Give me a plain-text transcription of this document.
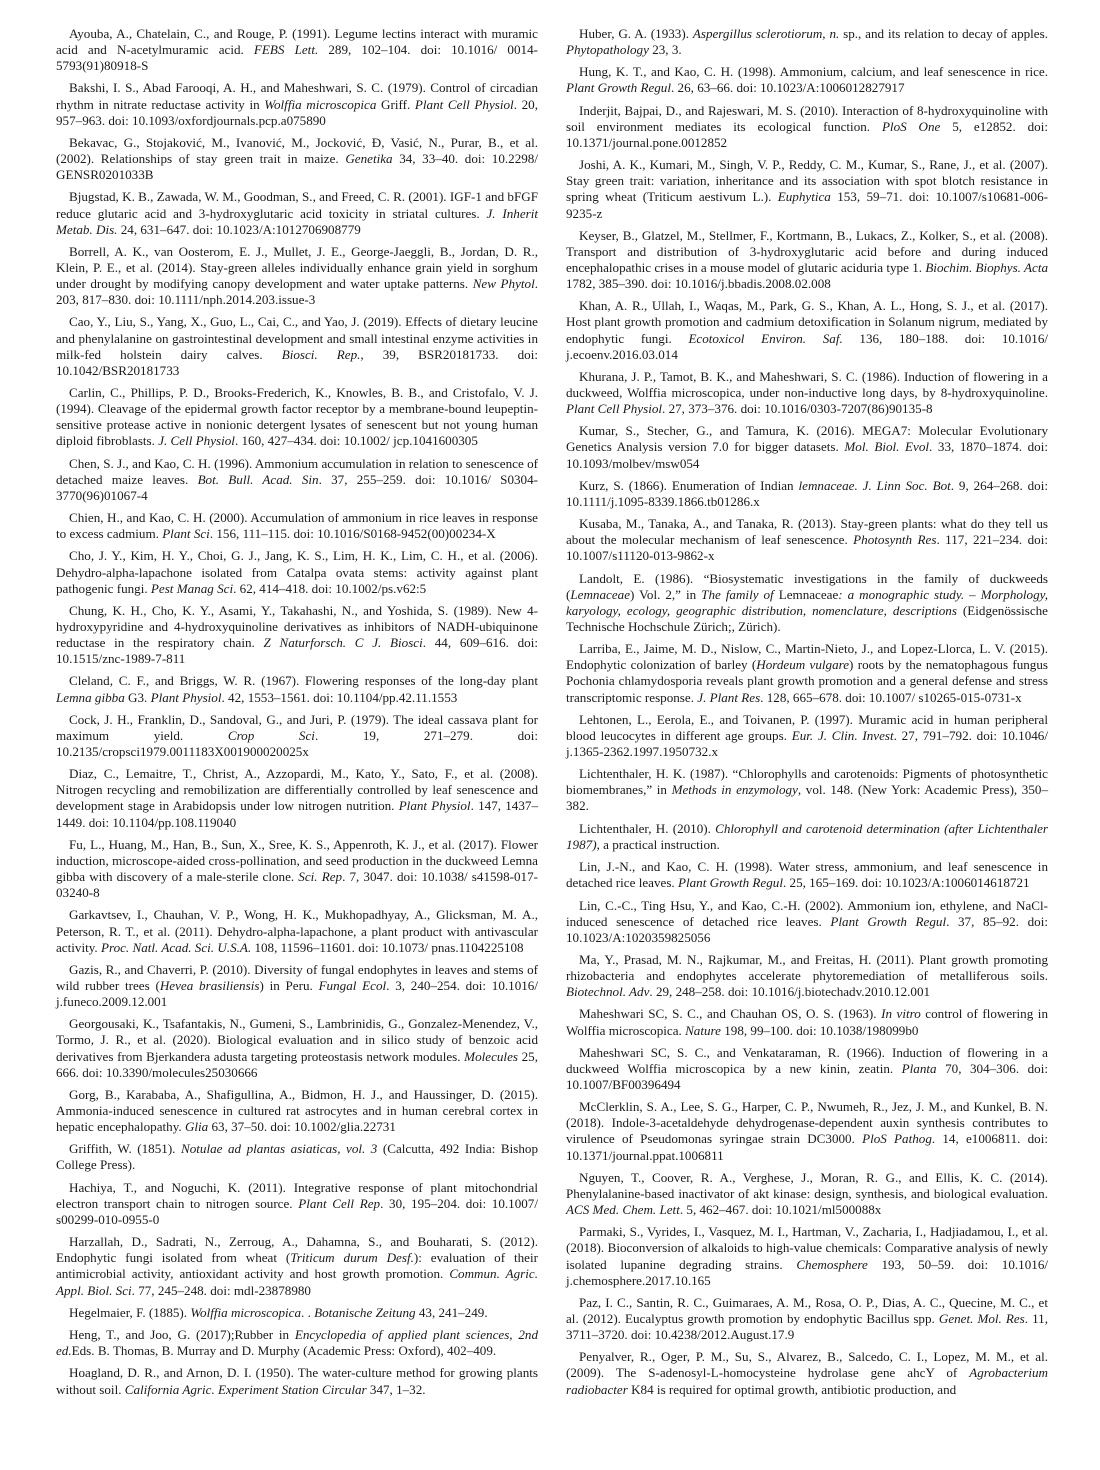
Ayouba, A., Chatelain, C., and Rouge, P. (1991). Legume lectins interact with muramic acid and N-acetylmuramic acid. FEBS Lett. 289, 102–104. doi: 10.1016/ 0014-5793(91)80918-S

Bakshi, I. S., Abad Farooqi, A. H., and Maheshwari, S. C. (1979). Control of circadian rhythm in nitrate reductase activity in Wolffia microscopica Griff. Plant Cell Physiol. 20, 957–963. doi: 10.1093/oxfordjournals.pcp.a075890

Bekavac, G., Stojaković, M., Ivanović, M., Jocković, Đ, Vasić, N., Purar, B., et al. (2002). Relationships of stay green trait in maize. Genetika 34, 33–40. doi: 10.2298/ GENSR0201033B

Bjugstad, K. B., Zawada, W. M., Goodman, S., and Freed, C. R. (2001). IGF-1 and bFGF reduce glutaric acid and 3-hydroxyglutaric acid toxicity in striatal cultures. J. Inherit Metab. Dis. 24, 631–647. doi: 10.1023/A:1012706908779

Borrell, A. K., van Oosterom, E. J., Mullet, J. E., George-Jaeggli, B., Jordan, D. R., Klein, P. E., et al. (2014). Stay-green alleles individually enhance grain yield in sorghum under drought by modifying canopy development and water uptake patterns. New Phytol. 203, 817–830. doi: 10.1111/nph.2014.203.issue-3

Cao, Y., Liu, S., Yang, X., Guo, L., Cai, C., and Yao, J. (2019). Effects of dietary leucine and phenylalanine on gastrointestinal development and small intestinal enzyme activities in milk-fed holstein dairy calves. Biosci. Rep., 39, BSR20181733. doi: 10.1042/BSR20181733

Carlin, C., Phillips, P. D., Brooks-Frederich, K., Knowles, B. B., and Cristofalo, V. J. (1994). Cleavage of the epidermal growth factor receptor by a membrane-bound leupeptin-sensitive protease active in nonionic detergent lysates of senescent but not young human diploid fibroblasts. J. Cell Physiol. 160, 427–434. doi: 10.1002/ jcp.1041600305

Chen, S. J., and Kao, C. H. (1996). Ammonium accumulation in relation to senescence of detached maize leaves. Bot. Bull. Acad. Sin. 37, 255–259. doi: 10.1016/ S0304-3770(96)01067-4

Chien, H., and Kao, C. H. (2000). Accumulation of ammonium in rice leaves in response to excess cadmium. Plant Sci. 156, 111–115. doi: 10.1016/S0168-9452(00)00234-X

Cho, J. Y., Kim, H. Y., Choi, G. J., Jang, K. S., Lim, H. K., Lim, C. H., et al. (2006). Dehydro-alpha-lapachone isolated from Catalpa ovata stems: activity against plant pathogenic fungi. Pest Manag Sci. 62, 414–418. doi: 10.1002/ps.v62:5

Chung, K. H., Cho, K. Y., Asami, Y., Takahashi, N., and Yoshida, S. (1989). New 4-hydroxypyridine and 4-hydroxyquinoline derivatives as inhibitors of NADH-ubiquinone reductase in the respiratory chain. Z Naturforsch. C J. Biosci. 44, 609–616. doi: 10.1515/znc-1989-7-811

Cleland, C. F., and Briggs, W. R. (1967). Flowering responses of the long-day plant Lemna gibba G3. Plant Physiol. 42, 1553–1561. doi: 10.1104/pp.42.11.1553

Cock, J. H., Franklin, D., Sandoval, G., and Juri, P. (1979). The ideal cassava plant for maximum yield. Crop Sci. 19, 271–279. doi: 10.2135/cropsci1979.0011183X001900020025x

Diaz, C., Lemaitre, T., Christ, A., Azzopardi, M., Kato, Y., Sato, F., et al. (2008). Nitrogen recycling and remobilization are differentially controlled by leaf senescence and development stage in Arabidopsis under low nitrogen nutrition. Plant Physiol. 147, 1437–1449. doi: 10.1104/pp.108.119040

Fu, L., Huang, M., Han, B., Sun, X., Sree, K. S., Appenroth, K. J., et al. (2017). Flower induction, microscope-aided cross-pollination, and seed production in the duckweed Lemna gibba with discovery of a male-sterile clone. Sci. Rep. 7, 3047. doi: 10.1038/ s41598-017-03240-8

Garkavtsev, I., Chauhan, V. P., Wong, H. K., Mukhopadhyay, A., Glicksman, M. A., Peterson, R. T., et al. (2011). Dehydro-alpha-lapachone, a plant product with antivascular activity. Proc. Natl. Acad. Sci. U.S.A. 108, 11596–11601. doi: 10.1073/ pnas.1104225108

Gazis, R., and Chaverri, P. (2010). Diversity of fungal endophytes in leaves and stems of wild rubber trees (Hevea brasiliensis) in Peru. Fungal Ecol. 3, 240–254. doi: 10.1016/ j.funeco.2009.12.001

Georgousaki, K., Tsafantakis, N., Gumeni, S., Lambrinidis, G., Gonzalez-Menendez, V., Tormo, J. R., et al. (2020). Biological evaluation and in silico study of benzoic acid derivatives from Bjerkandera adusta targeting proteostasis network modules. Molecules 25, 666. doi: 10.3390/molecules25030666

Gorg, B., Karababa, A., Shafigullina, A., Bidmon, H. J., and Haussinger, D. (2015). Ammonia-induced senescence in cultured rat astrocytes and in human cerebral cortex in hepatic encephalopathy. Glia 63, 37–50. doi: 10.1002/glia.22731

Griffith, W. (1851). Notulae ad plantas asiaticas, vol. 3 (Calcutta, 492 India: Bishop College Press).

Hachiya, T., and Noguchi, K. (2011). Integrative response of plant mitochondrial electron transport chain to nitrogen source. Plant Cell Rep. 30, 195–204. doi: 10.1007/ s00299-010-0955-0

Harzallah, D., Sadrati, N., Zerroug, A., Dahamna, S., and Bouharati, S. (2012). Endophytic fungi isolated from wheat (Triticum durum Desf.): evaluation of their antimicrobial activity, antioxidant activity and host growth promotion. Commun. Agric. Appl. Biol. Sci. 77, 245–248. doi: mdl-23878980

Hegelmaier, F. (1885). Wolffia microscopica. . Botanische Zeitung 43, 241–249.

Heng, T., and Joo, G. (2017);Rubber in Encyclopedia of applied plant sciences, 2nd ed.Eds. B. Thomas, B. Murray and D. Murphy (Academic Press: Oxford), 402–409.

Hoagland, D. R., and Arnon, D. I. (1950). The water-culture method for growing plants without soil. California Agric. Experiment Station Circular 347, 1–32.

Huber, G. A. (1933). Aspergillus sclerotiorum, n. sp., and its relation to decay of apples. Phytopathology 23, 3.

Hung, K. T., and Kao, C. H. (1998). Ammonium, calcium, and leaf senescence in rice. Plant Growth Regul. 26, 63–66. doi: 10.1023/A:1006012827917

Inderjit, Bajpai, D., and Rajeswari, M. S. (2010). Interaction of 8-hydroxyquinoline with soil environment mediates its ecological function. PloS One 5, e12852. doi: 10.1371/journal.pone.0012852

Joshi, A. K., Kumari, M., Singh, V. P., Reddy, C. M., Kumar, S., Rane, J., et al. (2007). Stay green trait: variation, inheritance and its association with spot blotch resistance in spring wheat (Triticum aestivum L.). Euphytica 153, 59–71. doi: 10.1007/s10681-006-9235-z

Keyser, B., Glatzel, M., Stellmer, F., Kortmann, B., Lukacs, Z., Kolker, S., et al. (2008). Transport and distribution of 3-hydroxyglutaric acid before and during induced encephalopathic crises in a mouse model of glutaric aciduria type 1. Biochim. Biophys. Acta 1782, 385–390. doi: 10.1016/j.bbadis.2008.02.008

Khan, A. R., Ullah, I., Waqas, M., Park, G. S., Khan, A. L., Hong, S. J., et al. (2017). Host plant growth promotion and cadmium detoxification in Solanum nigrum, mediated by endophytic fungi. Ecotoxicol Environ. Saf. 136, 180–188. doi: 10.1016/ j.ecoenv.2016.03.014

Khurana, J. P., Tamot, B. K., and Maheshwari, S. C. (1986). Induction of flowering in a duckweed, Wolffia microscopica, under non-inductive long days, by 8-hydroxyquinoline. Plant Cell Physiol. 27, 373–376. doi: 10.1016/0303-7207(86)90135-8

Kumar, S., Stecher, G., and Tamura, K. (2016). MEGA7: Molecular Evolutionary Genetics Analysis version 7.0 for bigger datasets. Mol. Biol. Evol. 33, 1870–1874. doi: 10.1093/molbev/msw054

Kurz, S. (1866). Enumeration of Indian lemnaceae. J. Linn Soc. Bot. 9, 264–268. doi: 10.1111/j.1095-8339.1866.tb01286.x

Kusaba, M., Tanaka, A., and Tanaka, R. (2013). Stay-green plants: what do they tell us about the molecular mechanism of leaf senescence. Photosynth Res. 117, 221–234. doi: 10.1007/s11120-013-9862-x

Landolt, E. (1986). “Biosystematic investigations in the family of duckweeds (Lemnaceae) Vol. 2,” in The family of Lemnaceae: a monographic study. – Morphology, karyology, ecology, geographic distribution, nomenclature, descriptions (Eidgenössische Technische Hochschule Zürich;, Zürich).

Larriba, E., Jaime, M. D., Nislow, C., Martin-Nieto, J., and Lopez-Llorca, L. V. (2015). Endophytic colonization of barley (Hordeum vulgare) roots by the nematophagous fungus Pochonia chlamydosporia reveals plant growth promotion and a general defense and stress transcriptomic response. J. Plant Res. 128, 665–678. doi: 10.1007/ s10265-015-0731-x

Lehtonen, L., Eerola, E., and Toivanen, P. (1997). Muramic acid in human peripheral blood leucocytes in different age groups. Eur. J. Clin. Invest. 27, 791–792. doi: 10.1046/ j.1365-2362.1997.1950732.x

Lichtenthaler, H. K. (1987). “Chlorophylls and carotenoids: Pigments of photosynthetic biomembranes,” in Methods in enzymology, vol. 148. (New York: Academic Press), 350–382.

Lichtenthaler, H. (2010). Chlorophyll and carotenoid determination (after Lichtenthaler 1987), a practical instruction.

Lin, J.-N., and Kao, C. H. (1998). Water stress, ammonium, and leaf senescence in detached rice leaves. Plant Growth Regul. 25, 165–169. doi: 10.1023/A:1006014618721

Lin, C.-C., Ting Hsu, Y., and Kao, C.-H. (2002). Ammonium ion, ethylene, and NaCl-induced senescence of detached rice leaves. Plant Growth Regul. 37, 85–92. doi: 10.1023/A:1020359825056

Ma, Y., Prasad, M. N., Rajkumar, M., and Freitas, H. (2011). Plant growth promoting rhizobacteria and endophytes accelerate phytoremediation of metalliferous soils. Biotechnol. Adv. 29, 248–258. doi: 10.1016/j.biotechadv.2010.12.001

Maheshwari SC, S. C., and Chauhan OS, O. S. (1963). In vitro control of flowering in Wolffia microscopica. Nature 198, 99–100. doi: 10.1038/198099b0

Maheshwari SC, S. C., and Venkataraman, R. (1966). Induction of flowering in a duckweed Wolffia microscopica by a new kinin, zeatin. Planta 70, 304–306. doi: 10.1007/BF00396494

McClerklin, S. A., Lee, S. G., Harper, C. P., Nwumeh, R., Jez, J. M., and Kunkel, B. N. (2018). Indole-3-acetaldehyde dehydrogenase-dependent auxin synthesis contributes to virulence of Pseudomonas syringae strain DC3000. PloS Pathog. 14, e1006811. doi: 10.1371/journal.ppat.1006811

Nguyen, T., Coover, R. A., Verghese, J., Moran, R. G., and Ellis, K. C. (2014). Phenylalanine-based inactivator of akt kinase: design, synthesis, and biological evaluation. ACS Med. Chem. Lett. 5, 462–467. doi: 10.1021/ml500088x

Parmaki, S., Vyrides, I., Vasquez, M. I., Hartman, V., Zacharia, I., Hadjiadamou, I., et al. (2018). Bioconversion of alkaloids to high-value chemicals: Comparative analysis of newly isolated lupanine degrading strains. Chemosphere 193, 50–59. doi: 10.1016/ j.chemosphere.2017.10.165

Paz, I. C., Santin, R. C., Guimaraes, A. M., Rosa, O. P., Dias, A. C., Quecine, M. C., et al. (2012). Eucalyptus growth promotion by endophytic Bacillus spp. Genet. Mol. Res. 11, 3711–3720. doi: 10.4238/2012.August.17.9

Penyalver, R., Oger, P. M., Su, S., Alvarez, B., Salcedo, C. I., Lopez, M. M., et al. (2009). The S-adenosyl-L-homocysteine hydrolase gene ahcY of Agrobacterium radiobacter K84 is required for optimal growth, antibiotic production, and
